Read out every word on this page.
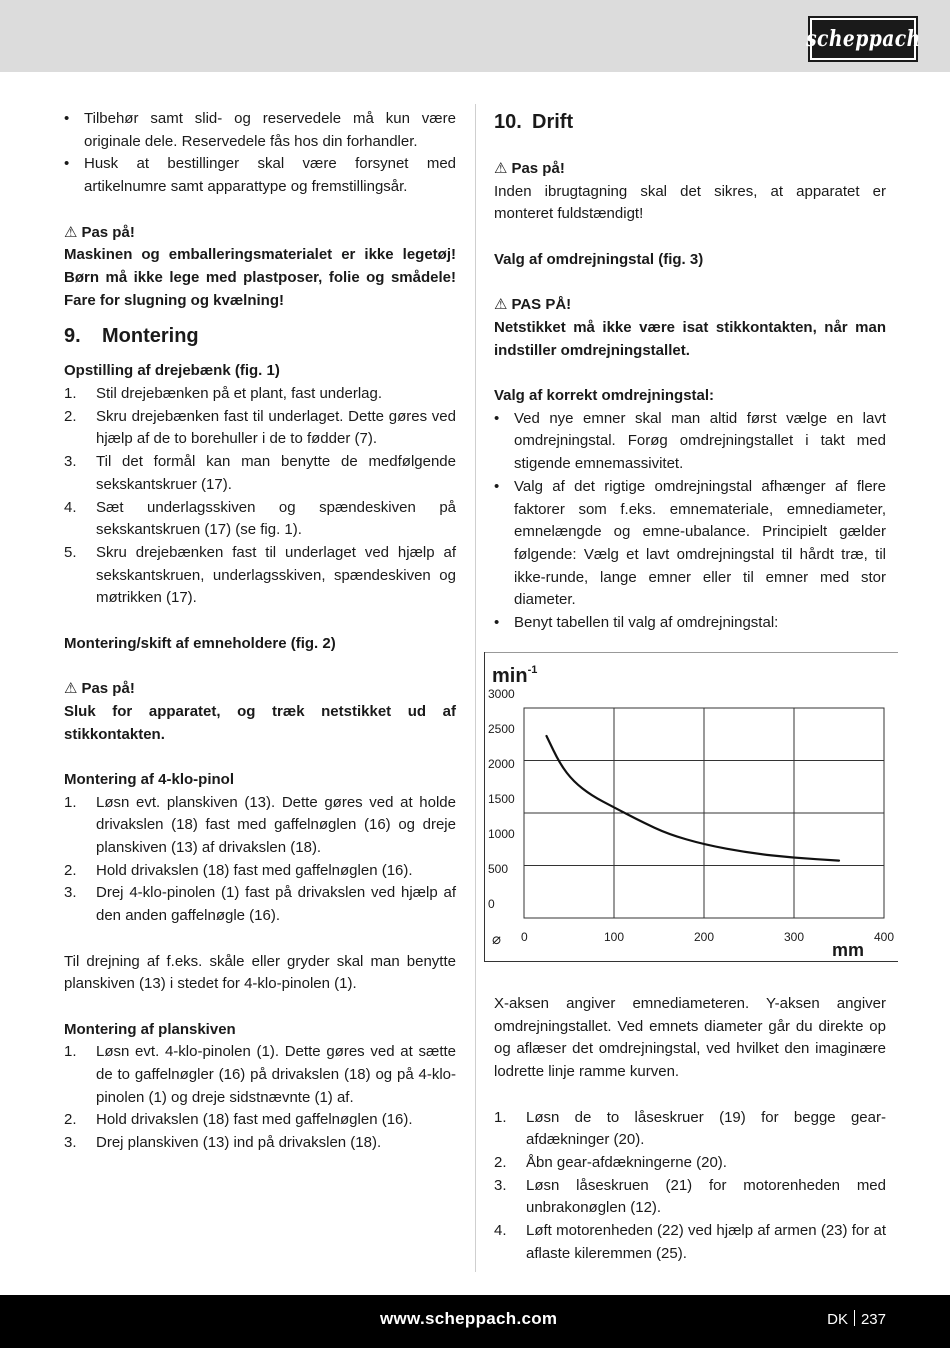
scheppach
• Tilbehør samt slid- og reservedele må kun være originale dele. Reservedele fås hos din forhandler.
• Husk at bestillinger skal være forsynet med artikelnumre samt apparattype og fremstillingsår.

⚠ Pas på!

Maskinen og emballeringsmaterialet er ikke legetøj! Børn må ikke lege med plastposer, folie og smådele! Fare for slugning og kvælning!

9.	Montering

Opstilling af drejebænk (fig. 1)

1. Stil drejebænken på et plant, fast underlag.
2. Skru drejebænken fast til underlaget. Dette gøres ved hjælp af de to borehuller i de to fødder (7).
3. Til det formål kan man benytte de medfølgende sekskantskruer (17).
4. Sæt underlagsskiven og spændeskiven på sekskantskruen (17) (se fig. 1).
5. Skru drejebænken fast til underlaget ved hjælp af sekskantskruen, underlagsskiven, spændeskiven og møtrikken (17).

Montering/skift af emneholdere (fig. 2)

⚠ Pas på!

Sluk for apparatet, og træk netstikket ud af stikkontakten.

Montering af 4-klo-pinol

1. Løsn evt. planskiven (13). Dette gøres ved at holde drivakslen (18) fast med gaffelnøglen (16) og dreje planskiven (13) af drivakslen (18).
2. Hold drivakslen (18) fast med gaffelnøglen (16).
3. Drej 4-klo-pinolen (1) fast på drivakslen ved hjælp af den anden gaffelnøgle (16).

Til drejning af f.eks. skåle eller gryder skal man benytte planskiven (13) i stedet for 4-klo-pinolen (1).

Montering af planskiven

1. Løsn evt. 4-klo-pinolen (1). Dette gøres ved at sætte de to gaffelnøgler (16) på drivakslen (18) og på 4-klo-pinolen (1) og dreje sidstnævnte (1) af.
2. Hold drivakslen (18) fast med gaffelnøglen (16).
3. Drej planskiven (13) ind på drivakslen (18).
10. Drift

⚠ Pas på!

Inden ibrugtagning skal det sikres, at apparatet er monteret fuldstændigt!

Valg af omdrejningstal (fig. 3)

⚠ PAS PÅ!

Netstikket må ikke være isat stikkontakten, når man indstiller omdrejningstallet.

Valg af korrekt omdrejningstal:

• Ved nye emner skal man altid først vælge en lavt omdrejningstal. Forøg omdrejningstallet i takt med stigende emnemassivitet.
• Valg af det rigtige omdrejningstal afhænger af flere faktorer som f.eks. emnemateriale, emnediameter, emnelængde og emne-ubalance. Principielt gælder følgende: Vælg et lavt omdrejningstal til hårdt træ, til ikke-runde, lange emner eller til emner med stor diameter.
• Benyt tabellen til valg af omdrejningstal:
$\min^{-1}$
⌀
mm
0
500
1000
1500
2000
2500
3000
0	100	200	300	400

X-aksen angiver emnediameteren. Y-aksen angiver omdrejningstallet. Ved emnets diameter går du direkte op og aflæser det omdrejningstal, ved hvilket den imaginære lodrette linje ramme kurven.

1. Løsn de to låseskruer (19) for begge gear-afdækninger (20).
2. Åbn gear-afdækningerne (20).
3. Løsn låseskruen (21) for motorenheden med unbrakonøglen (12).
4. Løft motorenheden (22) ved hjælp af armen (23) for at aflaste kileremmen (25).
www.scheppach.com	DK 237
